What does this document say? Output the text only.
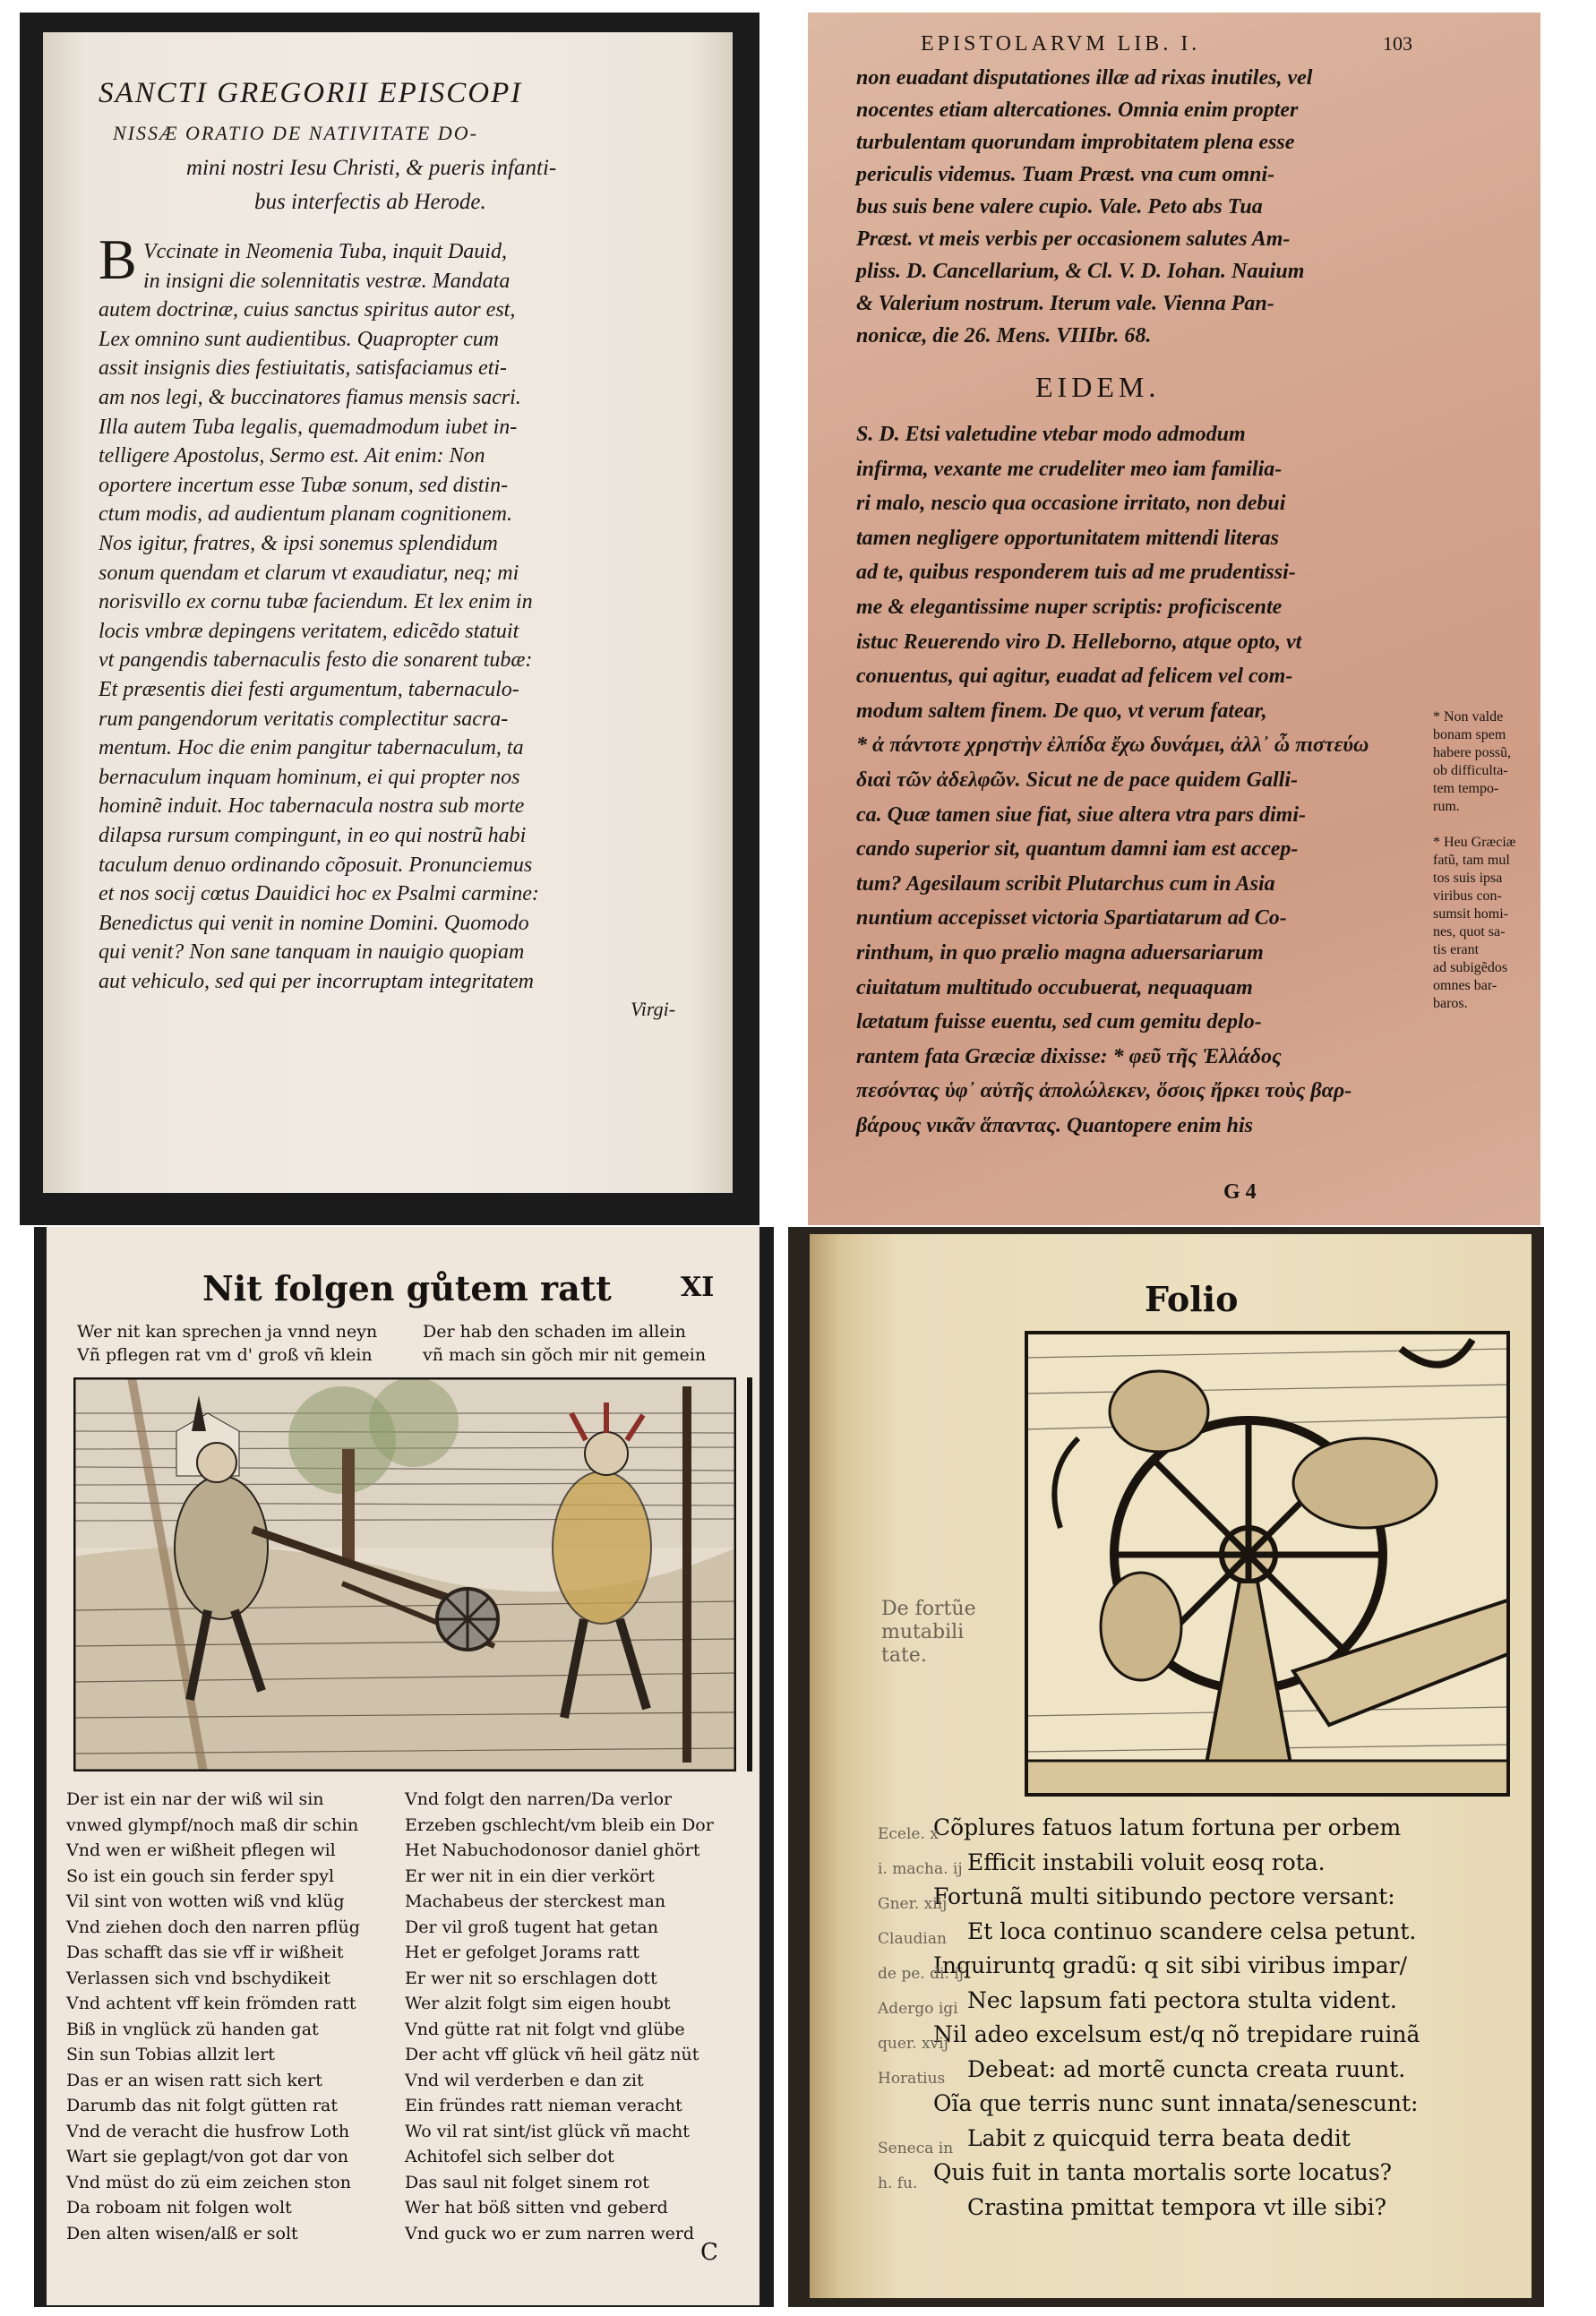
SANCTI GREGORII EPISCOPI
NISSÆ ORATIO DE NATIVITATE DO-
mini nostri Iesu Christi, & pueris infanti-
bus interfectis ab Herode.
B Vccinate in Neomenia Tuba, inquit Dauid,
in insigni die solennitatis vestræ. Mandata
autem doctrinæ, cuius sanctus spiritus autor est,
Lex omnino sunt audientibus. Quapropter cum
assit insignis dies festiuitatis, satisfaciamus eti-
am nos legi, & buccinatores fiamus mensis sacri.
Illa autem Tuba legalis, quemadmodum iubet in-
telligere Apostolus, Sermo est. Ait enim: Non
oportere incertum esse Tubæ sonum, sed distin-
ctum modis, ad audientum planam cognitionem.
Nos igitur, fratres, & ipsi sonemus splendidum
sonum quendam et clarum vt exaudiatur, neq; mi
norisvillo ex cornu tubæ faciendum. Et lex enim in
locis vmbræ depingens veritatem, edicẽdo statuit
vt pangendis tabernaculis festo die sonarent tubæ:
Et præsentis diei festi argumentum, tabernaculo-
rum pangendorum veritatis complectitur sacra-
mentum. Hoc die enim pangitur tabernaculum, ta
bernaculum inquam hominum, ei qui propter nos
hominẽ induit. Hoc tabernacula nostra sub morte
dilapsa rursum compingunt, in eo qui nostrũ habi
taculum denuo ordinando cõposuit. Pronunciemus
et nos socij cœtus Dauidici hoc ex Psalmi carmine:
Benedictus qui venit in nomine Domini. Quomodo
qui venit? Non sane tanquam in nauigio quopiam
aut vehiculo, sed qui per incorruptam integritatem
Virgi-
EPISTOLARVM LIB. I.	103
non euadant disputationes illæ ad rixas inutiles, vel
nocentes etiam altercationes. Omnia enim propter
turbulentam quorundam improbitatem plena esse
periculis videmus. Tuam Præst. vna cum omni-
bus suis bene valere cupio. Vale. Peto abs Tua
Præst. vt meis verbis per occasionem salutes Am-
pliss. D. Cancellarium, & Cl. V. D. Iohan. Nauium
& Valerium nostrum. Iterum vale. Vienna Pan-
nonicæ, die 26. Mens. VIIIbr. 68.
EIDEM.
S. D. Etsi valetudine vtebar modo admodum
infirma, vexante me crudeliter meo iam familia-
ri malo, nescio qua occasione irritato, non debui
tamen negligere opportunitatem mittendi literas
ad te, quibus responderem tuis ad me prudentissi-
me & elegantissime nuper scriptis: proficiscente
istuc Reuerendo viro D. Helleborno, atque opto, vt
conuentus, qui agitur, euadat ad felicem vel com-
modum saltem finem. De quo, vt verum fatear,
* ἀ πάντοτε χρηστὴν ἐλπίδα ἔχω δυνάμει, ἀλλ᾽ ὦ πιστεύω
διαὶ τῶν ἀδελφῶν. Sicut ne de pace quidem Galli-
ca. Quæ tamen siue fiat, siue altera vtra pars dimi-
cando superior sit, quantum damni iam est accep-
tum? Agesilaum scribit Plutarchus cum in Asia
nuntium accepisset victoria Spartiatarum ad Co-
rinthum, in quo prælio magna aduersariarum
ciuitatum multitudo occubuerat, nequaquam
lætatum fuisse euentu, sed cum gemitu deplo-
rantem fata Græciæ dixisse: * φεῦ τῆς Ἑλλάδος
πεσόντας ὑφ᾽ αὑτῆς ἀπολώλεκεν, ὅσοις ἤρκει τοὺς βαρ-
βάρους νικᾶν ἅπαντας. Quantopere enim his
G 4
* Non valde
bonam spem
habere possũ,
ob difficulta-
tem tempo-
rum.
* Heu Græciæ
fatũ, tam mul
tos suis ipsa
viribus con-
sumsit homi-
nes, quot sa-
tis erant
ad subigẽdos
omnes bar-
baros.
Nit folgen gůtem ratt	XI
Wer nit kan sprechen ja vnnd neyn
Vñ pflegen rat vm d' groß vñ klein
Der hab den schaden im allein
vñ mach sin gŏch mir nit gemein
Der ist ein nar der wiß wil sin
vnwed glympf/noch maß dir schin
Vnd wen er wißheit pflegen wil
So ist ein gouch sin ferder spyl
Vil sint von wotten wiß vnd klüg
Vnd ziehen doch den narren pflüg
Das schafft das sie vff ir wißheit
Verlassen sich vnd bschydikeit
Vnd achtent vff kein frömden ratt
Biß in vnglück zü handen gat
Sin sun Tobias allzit lert
Das er an wisen ratt sich kert
Darumb das nit folgt gütten rat
Vnd de veracht die husfrow Loth
Wart sie geplagt/von got dar von
Vnd müst do zü eim zeichen ston
Da roboam nit folgen wolt
Den alten wisen/alß er solt
Vnd folgt den narren/Da verlor
Erzeben gschlecht/vm bleib ein Dor
Het Nabuchodonosor daniel ghört
Er wer nit in ein dier verkört
Machabeus der sterckest man
Der vil groß tugent hat getan
Het er gefolget Jorams ratt
Er wer nit so erschlagen dott
Wer alzit folgt sim eigen houbt
Vnd gütte rat nit folgt vnd glübe
Der acht vff glück vñ heil gätz nüt
Vnd wil verderben e dan zit
Ein fründes ratt nieman veracht
Wo vil rat sint/ist glück vñ macht
Achitofel sich selber dot
Das saul nit folget sinem rot
Wer hat böß sitten vnd geberd
Vnd guck wo er zum narren werd
C
Folio
De fortũe
mutabili
tate.
Cõplures fatuos latum fortuna per orbem
Efficit instabili voluit eosq rota.
Fortunã multi sitibundo pectore versant:
Et loca continuo scandere celsa petunt.
Inquiruntq gradũ: q sit sibi viribus impar/
Nec lapsum fati pectora stulta vident.
Nil adeo excelsum est/q nõ trepidare ruinã
Debeat: ad mortẽ cuncta creata ruunt.
Oĩa que terris nunc sunt innata/senescunt:
Labit z quicquid terra beata dedit
Quis fuit in tanta mortalis sorte locatus?
Crastina pmittat tempora vt ille sibi?
Ecele. x
i. macha. ij
Gner. xiij
Claudian
de pe. di. ij
Adergo igi
quer. xvij
Horatius
Seneca in
h. fu.
